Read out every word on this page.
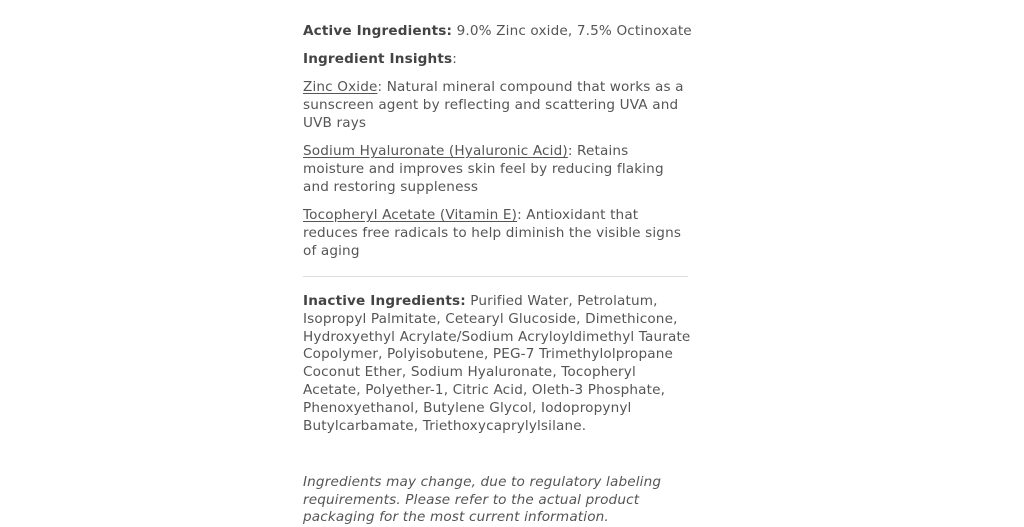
Active Ingredients: 9.0% Zinc oxide, 7.5% Octinoxate

Ingredient Insights:

Zinc Oxide: Natural mineral compound that works as a sunscreen agent by reflecting and scattering UVA and UVB rays

Sodium Hyaluronate (Hyaluronic Acid): Retains moisture and improves skin feel by reducing flaking and restoring suppleness

Tocopheryl Acetate (Vitamin E): Antioxidant that reduces free radicals to help diminish the visible signs of aging

Inactive Ingredients: Purified Water, Petrolatum, Isopropyl Palmitate, Cetearyl Glucoside, Dimethicone, Hydroxyethyl Acrylate/Sodium Acryloyldimethyl Taurate Copolymer, Polyisobutene, PEG-7 Trimethylolpropane Coconut Ether, Sodium Hyaluronate, Tocopheryl Acetate, Polyether-1, Citric Acid, Oleth-3 Phosphate, Phenoxyethanol, Butylene Glycol, Iodopropynyl Butylcarbamate, Triethoxycaprylylsilane.

Ingredients may change, due to regulatory labeling requirements. Please refer to the actual product packaging for the most current information.
